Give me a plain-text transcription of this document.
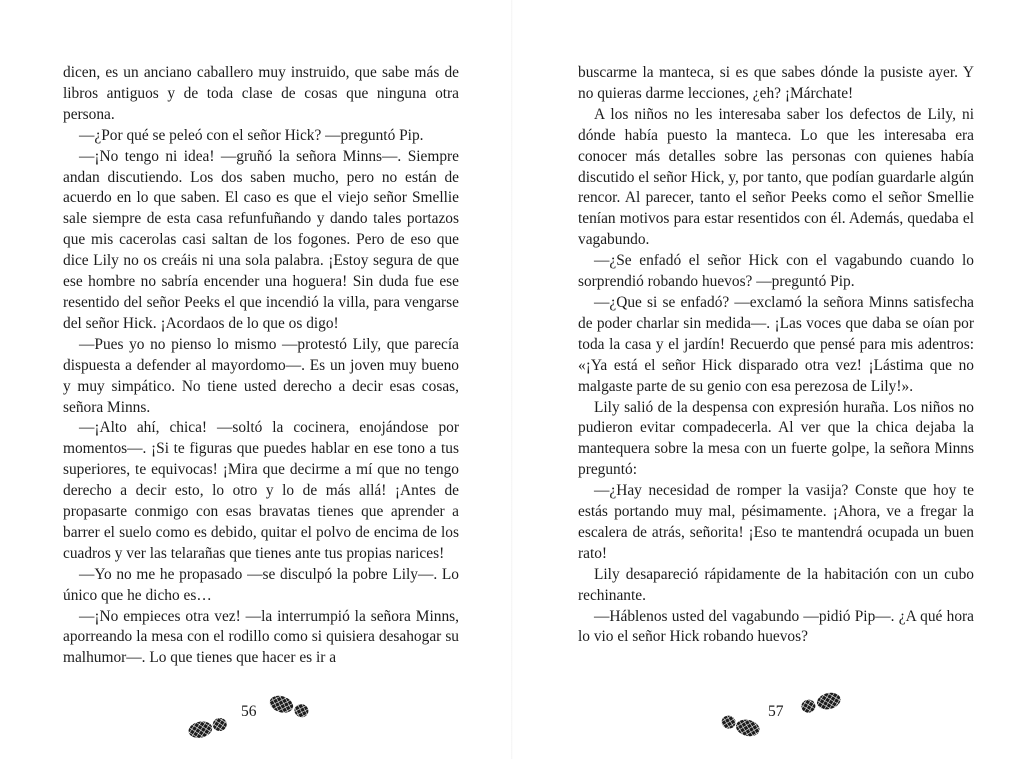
dicen, es un anciano caballero muy instruido, que sabe más de libros antiguos y de toda clase de cosas que ninguna otra persona.

—¿Por qué se peleó con el señor Hick? —preguntó Pip.

—¡No tengo ni idea! —gruñó la señora Minns—. Siempre andan discutiendo. Los dos saben mucho, pero no están de acuerdo en lo que saben. El caso es que el viejo señor Smellie sale siempre de esta casa refunfuñando y dando tales portazos que mis cacerolas casi saltan de los fogones. Pero de eso que dice Lily no os creáis ni una sola palabra. ¡Estoy segura de que ese hombre no sabría encender una hoguera! Sin duda fue ese resentido del señor Peeks el que incendió la villa, para vengarse del señor Hick. ¡Acordaos de lo que os digo!

—Pues yo no pienso lo mismo —protestó Lily, que parecía dispuesta a defender al mayordomo—. Es un joven muy bueno y muy simpático. No tiene usted derecho a decir esas cosas, señora Minns.

—¡Alto ahí, chica! —soltó la cocinera, enojándose por momentos—. ¡Si te figuras que puedes hablar en ese tono a tus superiores, te equivocas! ¡Mira que decirme a mí que no tengo derecho a decir esto, lo otro y lo de más allá! ¡Antes de propasarte conmigo con esas bravatas tienes que aprender a barrer el suelo como es debido, quitar el polvo de encima de los cuadros y ver las telarañas que tienes ante tus propias narices!

—Yo no me he propasado —se disculpó la pobre Lily—. Lo único que he dicho es…

—¡No empieces otra vez! —la interrumpió la señora Minns, aporreando la mesa con el rodillo como si quisiera desahogar su malhumor—. Lo que tienes que hacer es ir a

buscarme la manteca, si es que sabes dónde la pusiste ayer. Y no quieras darme lecciones, ¿eh? ¡Márchate!

A los niños no les interesaba saber los defectos de Lily, ni dónde había puesto la manteca. Lo que les interesaba era conocer más detalles sobre las personas con quienes había discutido el señor Hick, y, por tanto, que podían guardarle algún rencor. Al parecer, tanto el señor Peeks como el señor Smellie tenían motivos para estar resentidos con él. Además, quedaba el vagabundo.

—¿Se enfadó el señor Hick con el vagabundo cuando lo sorprendió robando huevos? —preguntó Pip.

—¿Que si se enfadó? —exclamó la señora Minns satisfecha de poder charlar sin medida—. ¡Las voces que daba se oían por toda la casa y el jardín! Recuerdo que pensé para mis adentros: «¡Ya está el señor Hick disparado otra vez! ¡Lástima que no malgaste parte de su genio con esa perezosa de Lily!».

Lily salió de la despensa con expresión huraña. Los niños no pudieron evitar compadecerla. Al ver que la chica dejaba la mantequera sobre la mesa con un fuerte golpe, la señora Minns preguntó:

—¿Hay necesidad de romper la vasija? Conste que hoy te estás portando muy mal, pésimamente. ¡Ahora, ve a fregar la escalera de atrás, señorita! ¡Eso te mantendrá ocupada un buen rato!

Lily desapareció rápidamente de la habitación con un cubo rechinante.

—Háblenos usted del vagabundo —pidió Pip—. ¿A qué hora lo vio el señor Hick robando huevos?

56	57
